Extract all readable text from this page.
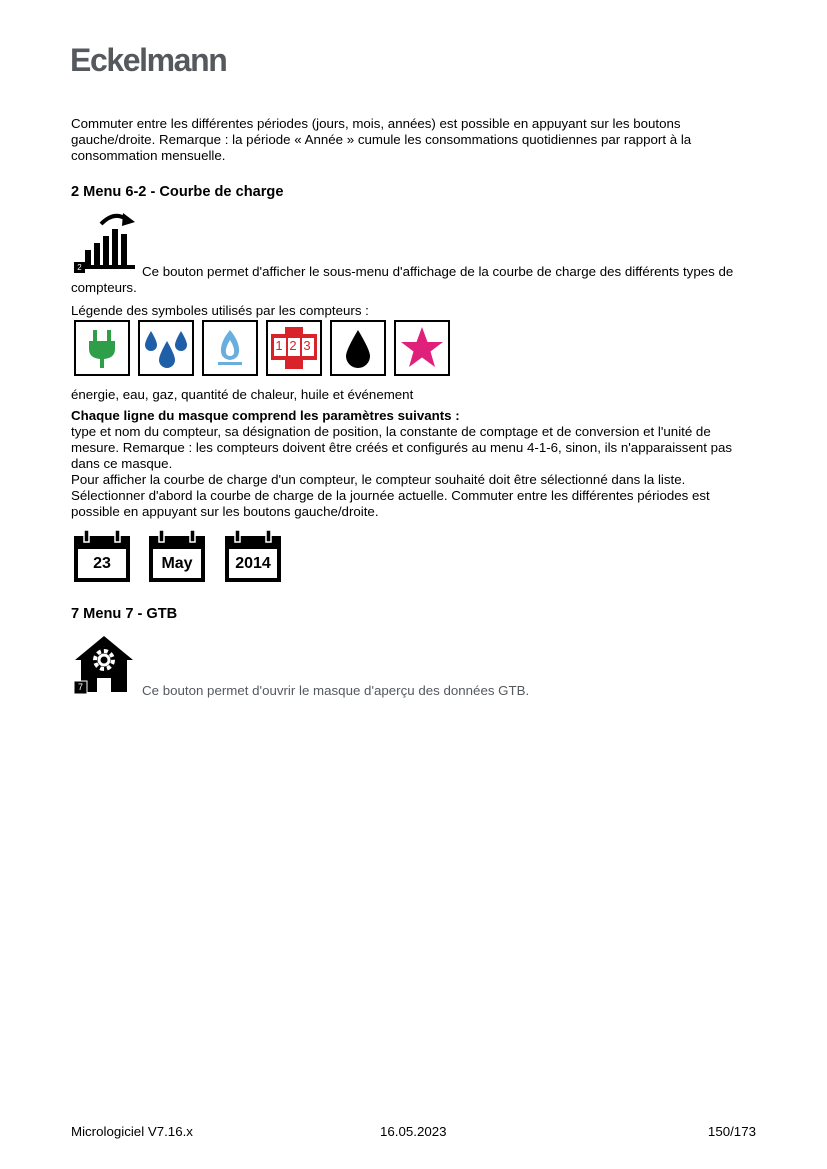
Eckelmann
Commuter entre les différentes périodes (jours, mois, années) est possible en appuyant sur les boutons gauche/droite. Remarque : la période « Année » cumule les consommations quotidiennes par rapport à la consommation mensuelle.
2 Menu 6-2 - Courbe de charge
2	Ce bouton permet d'afficher le sous-menu d'affichage de la courbe de charge des différents types de compteurs.
Légende des symboles utilisés par les compteurs :
1 2 3
énergie, eau, gaz, quantité de chaleur, huile et événement
Chaque ligne du masque comprend les paramètres suivants :
type et nom du compteur, sa désignation de position, la constante de comptage et de conversion et l'unité de mesure. Remarque : les compteurs doivent être créés et configurés au menu 4-1-6, sinon, ils n'apparaissent pas dans ce masque.
Pour afficher la courbe de charge d'un compteur, le compteur souhaité doit être sélectionné dans la liste.
Sélectionner d'abord la courbe de charge de la journée actuelle. Commuter entre les différentes périodes est possible en appuyant sur les boutons gauche/droite.
23	May	2014
7 Menu 7 - GTB
7	Ce bouton permet d'ouvrir le masque d'aperçu des données GTB.
Micrologiciel V7.16.x	16.05.2023	150/173
